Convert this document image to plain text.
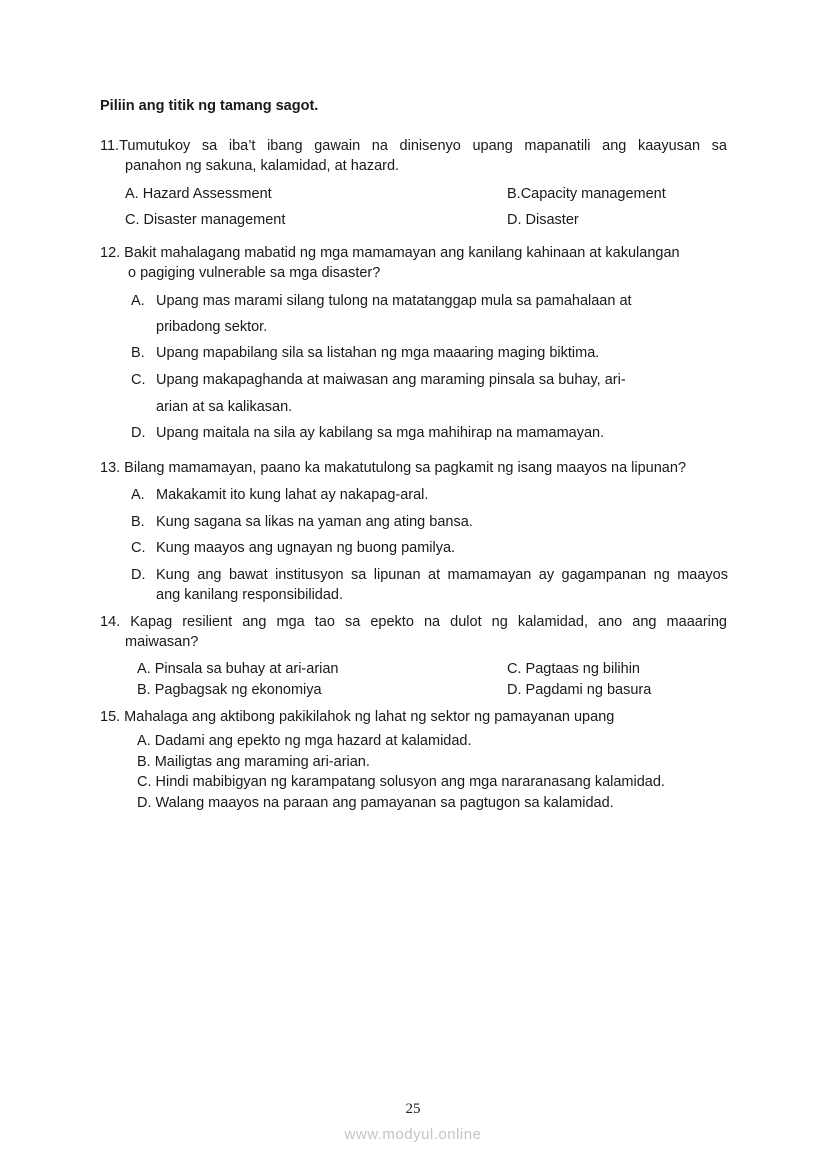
Piliin ang titik ng tamang sagot.
11.Tumutukoy sa iba’t ibang gawain na dinisenyo upang mapanatili ang kaayusan sa
panahon ng sakuna, kalamidad, at hazard.
A. Hazard Assessment	B.Capacity management
C. Disaster management	D. Disaster
12. Bakit mahalagang mabatid ng mga mamamayan ang kanilang kahinaan at kakulangan
o pagiging vulnerable sa mga disaster?
A. Upang mas marami silang tulong na matatanggap mula sa pamahalaan at
pribadong sektor.
B. Upang mapabilang sila sa listahan ng mga maaaring maging biktima.
C. Upang makapaghanda at maiwasan ang maraming pinsala sa buhay, ari-
arian at sa kalikasan.
D. Upang maitala na sila ay kabilang sa mga mahihirap na mamamayan.
13. Bilang mamamayan, paano ka makatutulong sa pagkamit ng isang maayos na lipunan?
A. Makakamit ito kung lahat ay nakapag-aral.
B. Kung sagana sa likas na yaman ang ating bansa.
C. Kung maayos ang ugnayan ng buong pamilya.
D. Kung ang bawat institusyon sa lipunan at mamamayan ay gagampanan ng maayos
ang kanilang responsibilidad.
14. Kapag resilient ang mga tao sa epekto na dulot ng kalamidad, ano ang maaaring
maiwasan?
A. Pinsala sa buhay at ari-arian	C. Pagtaas ng bilihin
B. Pagbagsak ng ekonomiya	D. Pagdami ng basura
15. Mahalaga ang aktibong pakikilahok ng lahat ng sektor ng pamayanan upang
A. Dadami ang epekto ng mga hazard at kalamidad.
B. Mailigtas ang maraming ari-arian.
C. Hindi mabibigyan ng karampatang solusyon ang mga nararanasang kalamidad.
D. Walang maayos na paraan ang pamayanan sa pagtugon sa kalamidad.
25
www.modyul.online
